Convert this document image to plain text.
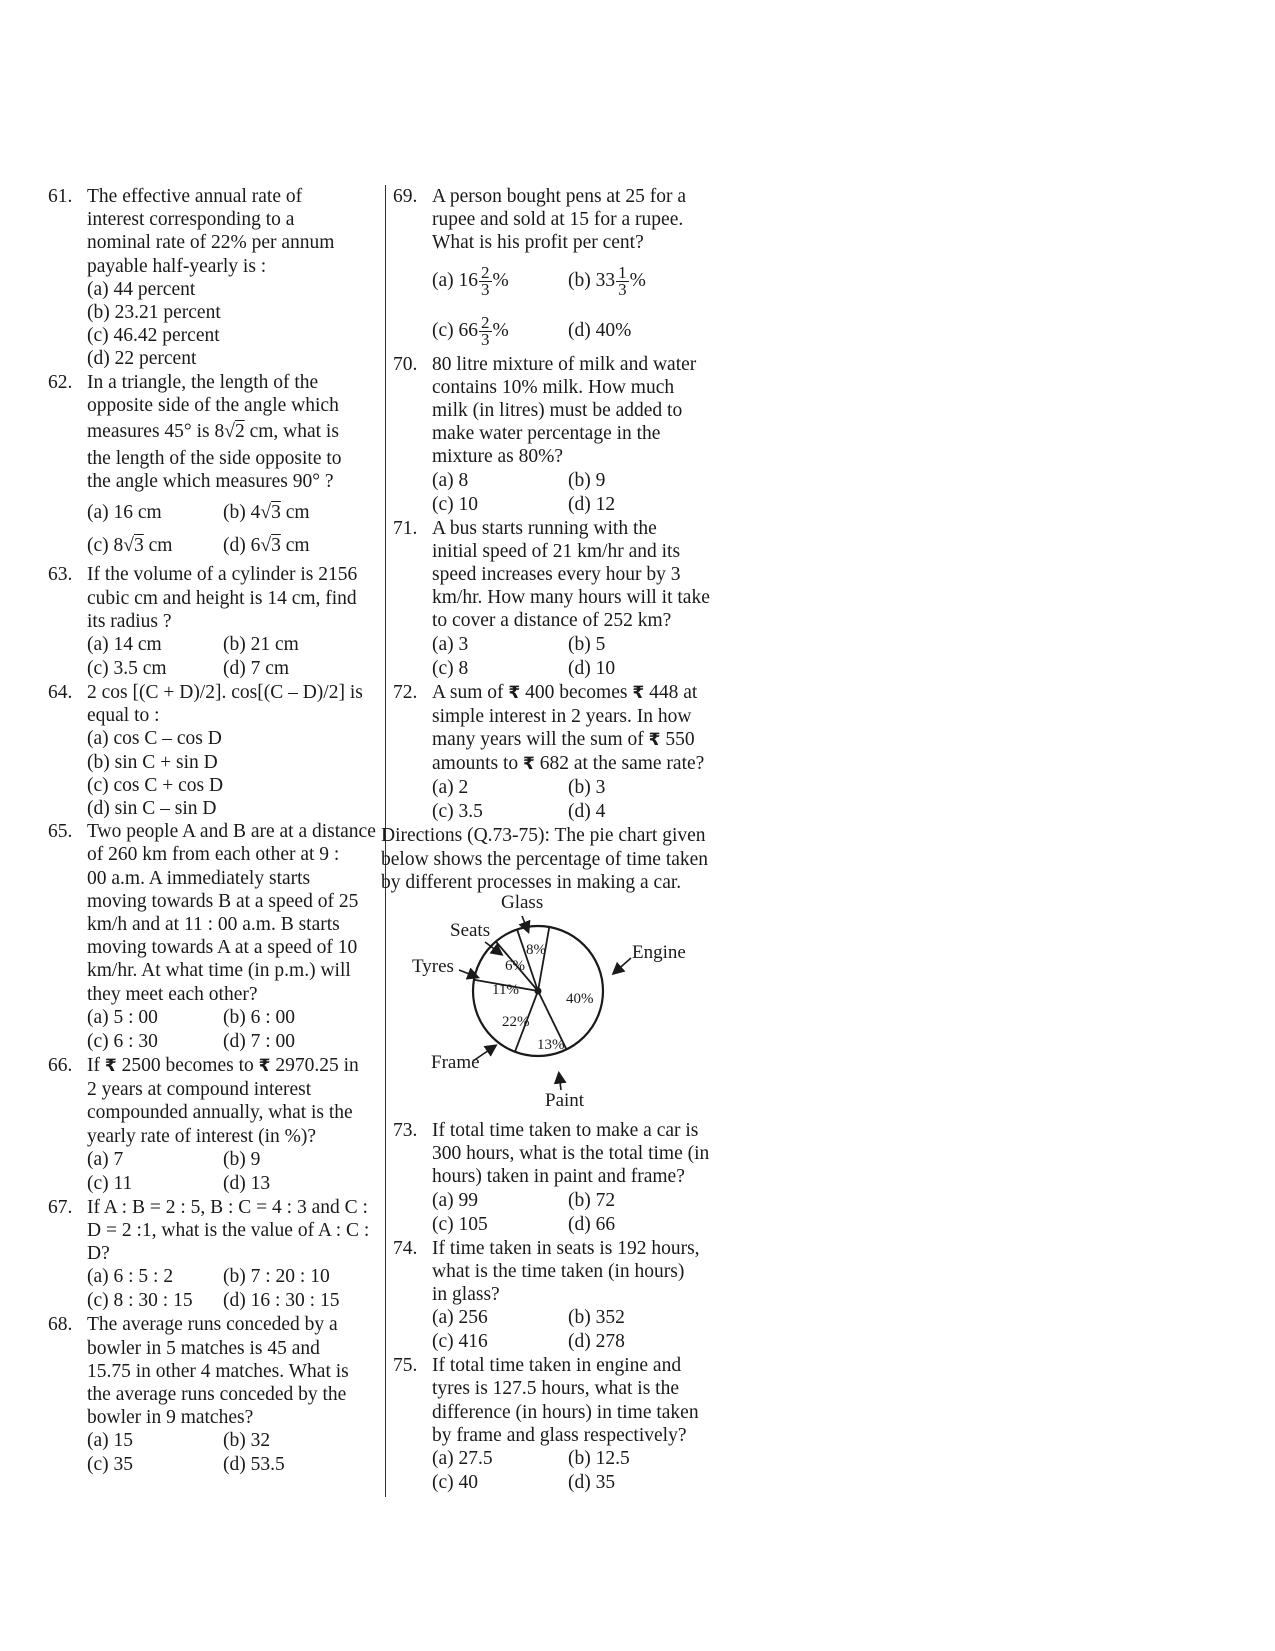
61. The effective annual rate of
interest corresponding to a
nominal rate of 22% per annum
payable half-yearly is :
(a) 44 percent
(b) 23.21 percent
(c) 46.42 percent
(d) 22 percent
62. In a triangle, the length of the
opposite side of the angle which
measures 45° is 8√2 cm, what is
the length of the side opposite to
the angle which measures 90° ?
(a) 16 cm	(b) 4√3 cm
(c) 8√3 cm	(d) 6√3 cm
63. If the volume of a cylinder is 2156
cubic cm and height is 14 cm, find
its radius ?
(a) 14 cm	(b) 21 cm
(c) 3.5 cm	(d) 7 cm
64. 2 cos [(C + D)/2]. cos[(C – D)/2] is
equal to :
(a) cos C – cos D
(b) sin C + sin D
(c) cos C + cos D
(d) sin C – sin D
65. Two people A and B are at a distance
of 260 km from each other at 9 :
00 a.m. A immediately starts
moving towards B at a speed of 25
km/h and at 11 : 00 a.m. B starts
moving towards A at a speed of 10
km/hr. At what time (in p.m.) will
they meet each other?
(a) 5 : 00	(b) 6 : 00
(c) 6 : 30	(d) 7 : 00
66. If ₹ 2500 becomes to ₹ 2970.25 in
2 years at compound interest
compounded annually, what is the
yearly rate of interest (in %)?
(a) 7	(b) 9
(c) 11	(d) 13
67. If A : B = 2 : 5, B : C = 4 : 3 and C :
D = 2 :1, what is the value of A : C :
D?
(a) 6 : 5 : 2	(b) 7 : 20 : 10
(c) 8 : 30 : 15	(d) 16 : 30 : 15
68. The average runs conceded by a
bowler in 5 matches is 45 and
15.75 in other 4 matches. What is
the average runs conceded by the
bowler in 9 matches?
(a) 15	(b) 32
(c) 35	(d) 53.5
69. A person bought pens at 25 for a
rupee and sold at 15 for a rupee.
What is his profit per cent?
(a) $16 \frac{2}{3}$ %	(b) $33 \frac{1}{3}$ %
(c) $66 \frac{2}{3}$ %	(d) 40%
70. 80 litre mixture of milk and water
contains 10% milk. How much
milk (in litres) must be added to
make water percentage in the
mixture as 80%?
(a) 8	(b) 9
(c) 10	(d) 12
71. A bus starts running with the
initial speed of 21 km/hr and its
speed increases every hour by 3
km/hr. How many hours will it take
to cover a distance of 252 km?
(a) 3	(b) 5
(c) 8	(d) 10
72. A sum of ₹ 400 becomes ₹ 448 at
simple interest in 2 years. In how
many years will the sum of ₹ 550
amounts to ₹ 682 at the same rate?
(a) 2	(b) 3
(c) 3.5	(d) 4
Directions (Q.73-75): The pie chart given
below shows the percentage of time taken
by different processes in making a car.
Glass
Engine
Paint
Frame
Tyres
Seats
8%
40%
13%
22%
11%
6%
73. If total time taken to make a car is
300 hours, what is the total time (in
hours) taken in paint and frame?
(a) 99	(b) 72
(c) 105	(d) 66
74. If time taken in seats is 192 hours,
what is the time taken (in hours)
in glass?
(a) 256	(b) 352
(c) 416	(d) 278
75. If total time taken in engine and
tyres is 127.5 hours, what is the
difference (in hours) in time taken
by frame and glass respectively?
(a) 27.5	(b) 12.5
(c) 40	(d) 35
